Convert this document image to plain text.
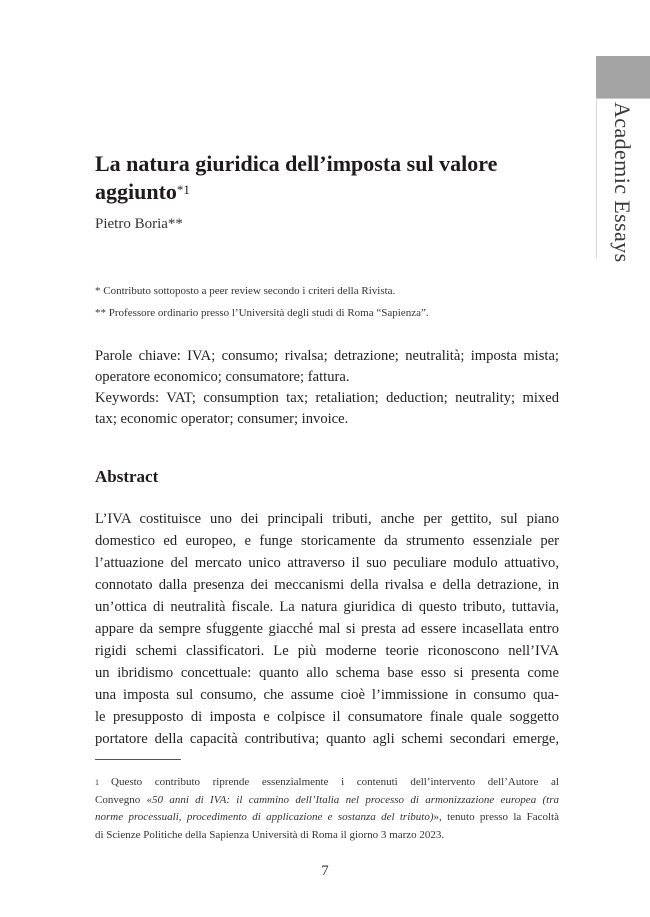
Academic Essays
La natura giuridica dell’imposta sul valore aggiunto$^{*1}$
Pietro Boria**
* Contributo sottoposto a peer review secondo i criteri della Rivista.
** Professore ordinario presso l’Università degli studi di Roma “Sapienza”.
Parole chiave: IVA; consumo; rivalsa; detrazione; neutralità; imposta mista;
operatore economico; consumatore; fattura.
Keywords: VAT; consumption tax; retaliation; deduction; neutrality; mixed
tax; economic operator; consumer; invoice.
Abstract
L’IVA costituisce uno dei principali tributi, anche per gettito, sul piano
domestico ed europeo, e funge storicamente da strumento essenziale per
l’attuazione del mercato unico attraverso il suo peculiare modulo attuativo,
connotato dalla presenza dei meccanismi della rivalsa e della detrazione, in
un’ottica di neutralità fiscale. La natura giuridica di questo tributo, tuttavia,
appare da sempre sfuggente giacché mal si presta ad essere incasellata entro
rigidi schemi classificatori. Le più moderne teorie riconoscono nell’IVA
un ibridismo concettuale: quanto allo schema base esso si presenta come
una imposta sul consumo, che assume cioè l’immissione in consumo qua-
le presupposto di imposta e colpisce il consumatore finale quale soggetto
portatore della capacità contributiva; quanto agli schemi secondari emerge,
$^1$ Questo contributo riprende essenzialmente i contenuti dell’intervento dell’Autore al
Convegno «50 anni di IVA: il cammino dell’Italia nel processo di armonizzazione europea (tra
norme processuali, procedimento di applicazione e sostanza del tributo)», tenuto presso la Facoltà
di Scienze Politiche della Sapienza Università di Roma il giorno 3 marzo 2023.
7
